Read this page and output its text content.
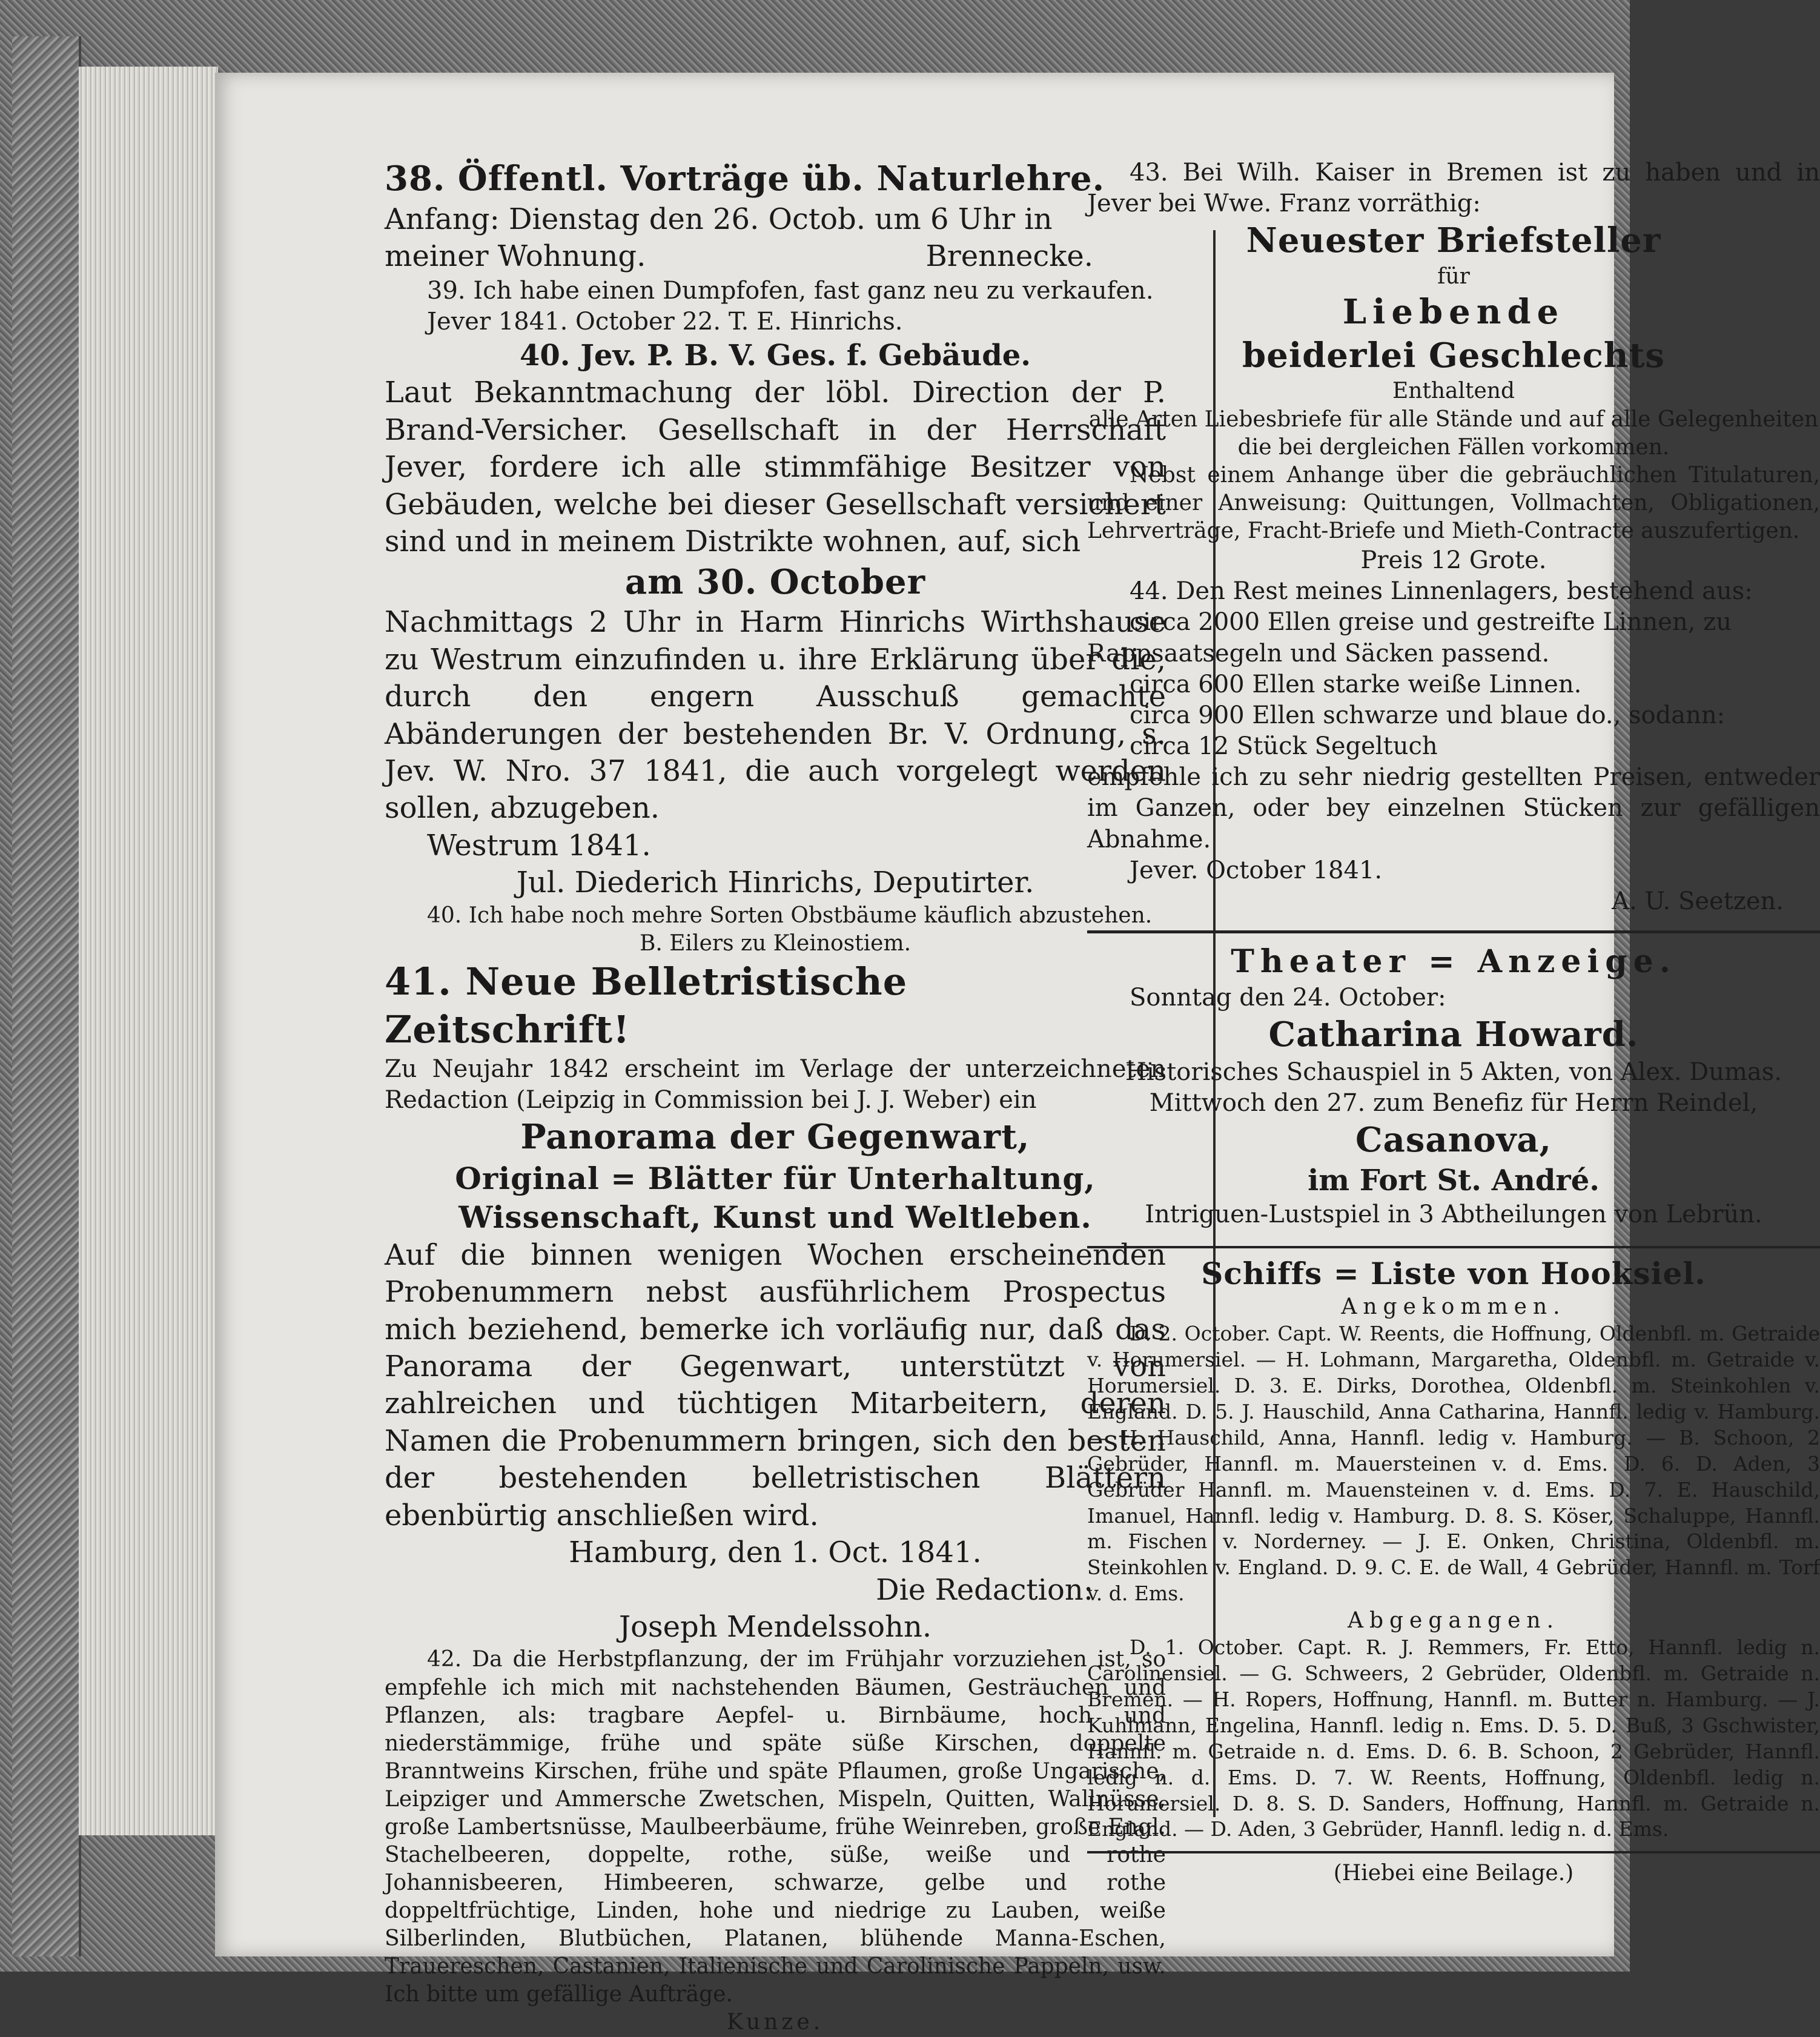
38. Öffentl. Vorträge üb. Naturlehre.

Anfang: Dienstag den 26. Octob. um 6 Uhr in

meiner Wohnung.	Brennecke.

39. Ich habe einen Dumpfofen, fast ganz neu zu verkaufen.

Jever 1841. October 22. T. E. Hinrichs.

40. Jev. P. B. V. Ges. f. Gebäude.

Laut Bekanntmachung der löbl. Direction der P. Brand-Versicher. Gesellschaft in der Herrschaft Jever, fordere ich alle stimmfähige Besitzer von Gebäuden, welche bei dieser Gesellschaft versichert sind und in meinem Distrikte wohnen, auf, sich

am 30. October

Nachmittags 2 Uhr in Harm Hinrichs Wirthshause zu Westrum einzufinden u. ihre Erklärung über die, durch den engern Ausschuß gemachte Abänderungen der bestehenden Br. V. Ordnung, s. Jev. W. Nro. 37 1841, die auch vorgelegt werden sollen, abzugeben.

Westrum 1841.

Jul. Diederich Hinrichs, Deputirter.

40. Ich habe noch mehre Sorten Obstbäume käuflich abzustehen.

B. Eilers zu Kleinostiem.

41. Neue Belletristische Zeitschrift!

Zu Neujahr 1842 erscheint im Verlage der unterzeichneten Redaction (Leipzig in Commission bei J. J. Weber) ein

Panorama der Gegenwart,

Original = Blätter für Unterhaltung,

Wissenschaft, Kunst und Weltleben.

Auf die binnen wenigen Wochen erscheinenden Probenummern nebst ausführlichem Prospectus mich beziehend, bemerke ich vorläufig nur, daß das Panorama der Gegenwart, unterstützt von zahlreichen und tüchtigen Mitarbeitern, deren Namen die Probenummern bringen, sich den besten der bestehenden belletristischen Blättern ebenbürtig anschließen wird.

Hamburg, den 1. Oct. 1841.

Die Redaction:

Joseph Mendelssohn.

42. Da die Herbstpflanzung, der im Frühjahr vorzuziehen ist, so empfehle ich mich mit nachstehenden Bäumen, Gesträuchen und Pflanzen, als: tragbare Aepfel- u. Birnbäume, hoch und niederstämmige, frühe und späte süße Kirschen, doppelte Branntweins Kirschen, frühe und späte Pflaumen, große Ungarische, Leipziger und Ammersche Zwetschen, Mispeln, Quitten, Wallnüsse, große Lambertsnüsse, Maulbeerbäume, frühe Weinreben, große Engl. Stachelbeeren, doppelte, rothe, süße, weiße und rothe Johannisbeeren, Himbeeren, schwarze, gelbe und rothe doppeltfrüchtige, Linden, hohe und niedrige zu Lauben, weiße Silberlinden, Blutbüchen, Platanen, blühende Manna-Eschen, Trauereschen, Castanien, Italienische und Carolinische Pappeln, usw. Ich bitte um gefällige Aufträge.

Kunze.

43. Bei Wilh. Kaiser in Bremen ist zu haben und in Jever bei Wwe. Franz vorräthig:

Neuester Briefsteller

für

Liebende

beiderlei Geschlechts

Enthaltend

alle Arten Liebesbriefe für alle Stände und auf alle Gelegenheiten die bei dergleichen Fällen vorkommen.

Nebst einem Anhange über die gebräuchlichen Titulaturen, und einer Anweisung: Quittungen, Vollmachten, Obligationen, Lehrverträge, Fracht-Briefe und Mieth-Contracte auszufertigen.

Preis 12 Grote.

44. Den Rest meines Linnenlagers, bestehend aus:

circa 2000 Ellen greise und gestreifte Linnen, zu Rappsaatsegeln und Säcken passend.

circa 600 Ellen starke weiße Linnen.

circa 900 Ellen schwarze und blaue do., sodann:

circa 12 Stück Segeltuch

empfehle ich zu sehr niedrig gestellten Preisen, entweder im Ganzen, oder bey einzelnen Stücken zur gefälligen Abnahme.

Jever. October 1841.

A. U. Seetzen.

Theater = Anzeige.

Sonntag den 24. October:

Catharina Howard.

Historisches Schauspiel in 5 Akten, von Alex. Dumas.

Mittwoch den 27. zum Benefiz für Herrn Reindel,

Casanova,

im Fort St. André.

Intriguen-Lustspiel in 3 Abtheilungen von Lebrün.

Schiffs = Liste von Hooksiel.

Angekommen.

D. 2. October. Capt. W. Reents, die Hoffnung, Oldenbfl. m. Getraide v. Horumersiel. — H. Lohmann, Margaretha, Oldenbfl. m. Getraide v. Horumersiel. D. 3. E. Dirks, Dorothea, Oldenbfl. m. Steinkohlen v. England. D. 5. J. Hauschild, Anna Catharina, Hannfl. ledig v. Hamburg. — H. Hauschild, Anna, Hannfl. ledig v. Hamburg. — B. Schoon, 2 Gebrüder, Hannfl. m. Mauersteinen v. d. Ems. D. 6. D. Aden, 3 Gebrüder Hannfl. m. Mauensteinen v. d. Ems. D. 7. E. Hauschild, Imanuel, Hannfl. ledig v. Hamburg. D. 8. S. Köser, Schaluppe, Hannfl. m. Fischen v. Norderney. — J. E. Onken, Christina, Oldenbfl. m. Steinkohlen v. England. D. 9. C. E. de Wall, 4 Gebrüder, Hannfl. m. Torf v. d. Ems.

Abgegangen.

D. 1. October. Capt. R. J. Remmers, Fr. Etto, Hannfl. ledig n. Carolinensiel. — G. Schweers, 2 Gebrüder, Oldenbfl. m. Getraide n. Bremen. — H. Ropers, Hoffnung, Hannfl. m. Butter n. Hamburg. — J. Kuhlmann, Engelina, Hannfl. ledig n. Ems. D. 5. D. Buß, 3 Gschwister, Hannfl. m. Getraide n. d. Ems. D. 6. B. Schoon, 2 Gebrüder, Hannfl. ledig n. d. Ems. D. 7. W. Reents, Hoffnung, Oldenbfl. ledig n. Horumersiel. D. 8. S. D. Sanders, Hoffnung, Hannfl. m. Getraide n. England. — D. Aden, 3 Gebrüder, Hannfl. ledig n. d. Ems.

(Hiebei eine Beilage.)
